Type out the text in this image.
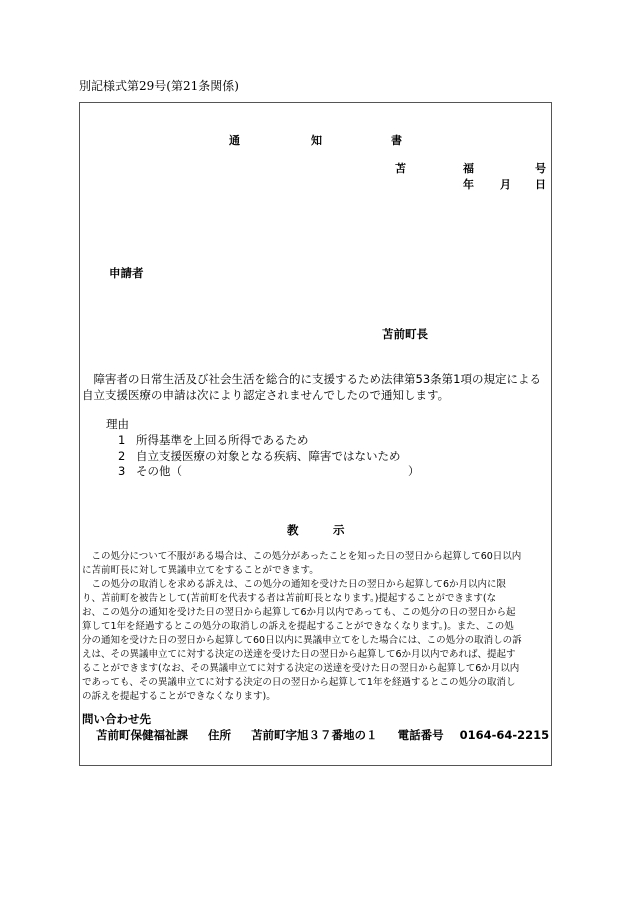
別記様式第29号(第21条関係)
通	知	書
苫	福	号
年 月 日
申請者
苫前町長

障害者の日常生活及び社会生活を総合的に支援するため法律第53条第1項の規定による

自立支援医療の申請は次により認定されませんでしたので通知します。

理由
1 所得基準を上回る所得であるため
2 自立支援医療の対象となる疾病、障害ではないため
3 その他（	）
教	示

　この処分について不服がある場合は、この処分があったことを知った日の翌日から起算して60日以内

に苫前町長に対して異議申立てをすることができます。

　この処分の取消しを求める訴えは、この処分の通知を受けた日の翌日から起算して6か月以内に限

り、苫前町を被告として(苫前町を代表する者は苫前町長となります。)提起することができます(な

お、この処分の通知を受けた日の翌日から起算して6か月以内であっても、この処分の日の翌日から起

算して1年を経過するとこの処分の取消しの訴えを提起することができなくなります。)。また、この処

分の通知を受けた日の翌日から起算して60日以内に異議申立てをした場合には、この処分の取消しの訴

えは、その異議申立てに対する決定の送達を受けた日の翌日から起算して6か月以内であれば、提起す

ることができます(なお、その異議申立てに対する決定の送達を受けた日の翌日から起算して6か月以内

であっても、その異議申立てに対する決定の日の翌日から起算して1年を経過するとこの処分の取消し

の訴えを提起することができなくなります)。

問い合わせ先
苫前町保健福祉課 住所 苫前町字旭３７番地の１ 電話番号 0164-64-2215
